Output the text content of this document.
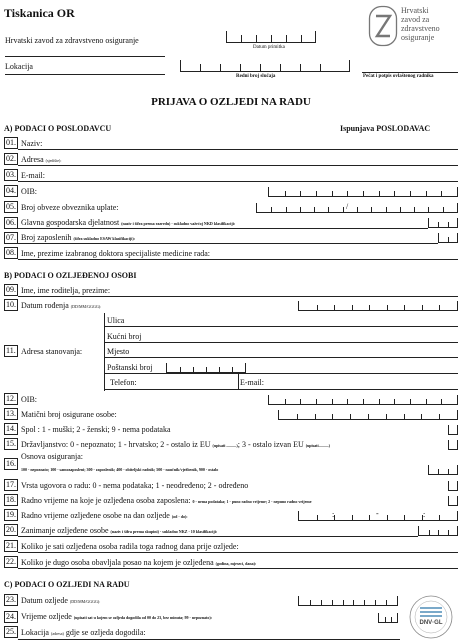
Tiskanica OR
Hrvatski zavod za zdravstveno osiguranje
Lokacija
Datum primitka
Redni broj slučaja	Pečat i potpis ovlaštenog radnika
Hrvatski
zavod za
zdravstveno
osiguranje
PRIJAVA O OZLJEDI NA RADU
A) PODACI O POSLODAVCU	Ispunjava POSLODAVAC
01. Naziv:
02. Adresa (sjedište):
03. E-mail:
04. OIB:
05. Broj obveze obveznika uplate:	/
06. Glavna gospodarska djelatnost (naziv i šifra prema razredu) - sukladno važećoj NKD klasifikaciji:
07. Broj zaposlenih (šifra sukladno ESAW klasifikaciji):
08. Ime, prezime izabranog doktora specijaliste medicine rada:
B) PODACI O OZLJEĐENOJ OSOBI
09. Ime, ime roditelja, prezime:
10. Datum rođenja (DD/MM/GGGG):
11. Adresa stanovanja:
Ulica
Kućni broj
Mjesto
Poštanski broj
Telefon:	E-mail:
12. OIB:
13. Matični broj osigurane osobe:
14. Spol : 1 - muški; 2 - ženski; 9 - nema podataka
15. Državljanstvo: 0 - nepoznato; 1 - hrvatsko; 2 - ostalo iz EU (upisati ..........); 3 - ostalo izvan EU (upisati..........)
16.
Osnova osiguranja:
100 - nepoznato; 100 - samozaposleni; 300 - zaposlenik; 400 - obiteljski radnik; 500 - naučnik/vježbenik, 900 - ostalo
17. Vrsta ugovora o radu: 0 - nema podataka; 1 - neodređeno; 2 - određeno
18. Radno vrijeme na koje je ozljeđena osoba zaposlena: 0 - nema podataka; 1 - puno radno vrijeme; 2 - nepuno radno vrijeme
19. Radno vrijeme ozljeđene osobe na dan ozljede (od - do):	:	-	:
20. Zanimanje ozljeđene osobe (naziv i šifra prema skupini) - sukladno NKZ - 10 klasifikaciji:
21. Koliko je sati ozljeđena osoba radila toga radnog dana prije ozljede:
22. Koliko je dugo osoba obavljala posao na kojem je ozljeđena (godina, mjeseci, dana):
C) PODACI O OZLJEDI NA RADU
23. Datum ozljede (DD/MM/GGGG):
24. Vrijeme ozljede (upisati sat u kojem se ozljeda dogodila od 00 do 23, bez minuta; 99 - nepoznato):
25. Lokacija (adresa) gdje se ozljeda dogodila:
DNV·GL
